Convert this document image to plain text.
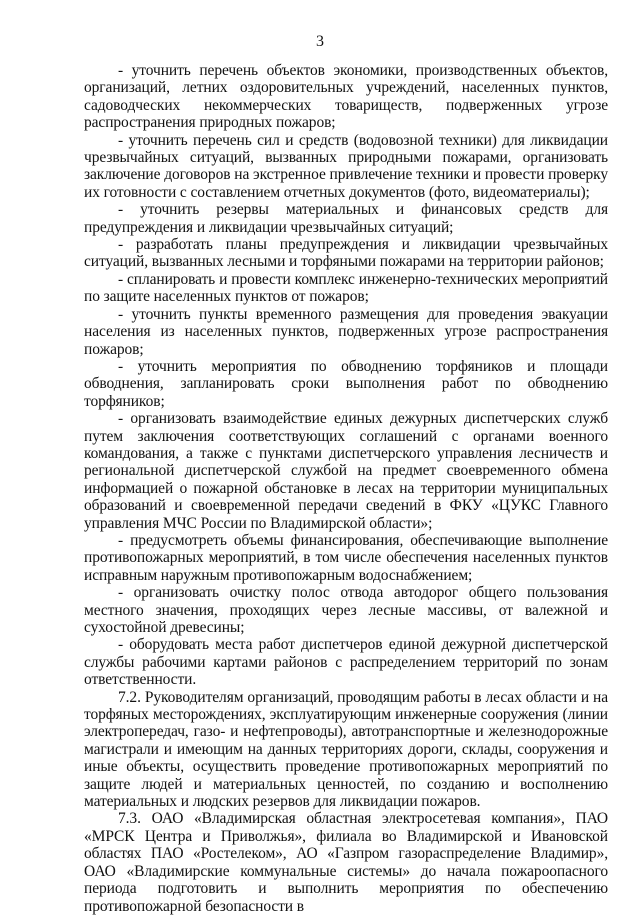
3

- уточнить перечень объектов экономики, производственных объектов, организаций, летних оздоровительных учреждений, населенных пунктов, садоводческих некоммерческих товариществ, подверженных угрозе распространения природных пожаров;

- уточнить перечень сил и средств (водовозной техники) для ликвидации чрезвычайных ситуаций, вызванных природными пожарами, организовать заключение договоров на экстренное привлечение техники и провести проверку их готовности с составлением отчетных документов (фото, видеоматериалы);

- уточнить резервы материальных и финансовых средств для предупреждения и ликвидации чрезвычайных ситуаций;

- разработать планы предупреждения и ликвидации чрезвычайных ситуаций, вызванных лесными и торфяными пожарами на территории районов;

- спланировать и провести комплекс инженерно-технических мероприятий по защите населенных пунктов от пожаров;

- уточнить пункты временного размещения для проведения эвакуации населения из населенных пунктов, подверженных угрозе распространения пожаров;

- уточнить мероприятия по обводнению торфяников и площади обводнения, запланировать сроки выполнения работ по обводнению торфяников;

- организовать взаимодействие единых дежурных диспетчерских служб путем заключения соответствующих соглашений с органами военного командования, а также с пунктами диспетчерского управления лесничеств и региональной диспетчерской службой на предмет своевременного обмена информацией о пожарной обстановке в лесах на территории муниципальных образований и своевременной передачи сведений в ФКУ «ЦУКС Главного управления МЧС России по Владимирской области»;

- предусмотреть объемы финансирования, обеспечивающие выполнение противопожарных мероприятий, в том числе обеспечения населенных пунктов исправным наружным противопожарным водоснабжением;

- организовать очистку полос отвода автодорог общего пользования местного значения, проходящих через лесные массивы, от валежной и сухостойной древесины;

- оборудовать места работ диспетчеров единой дежурной диспетчерской службы рабочими картами районов с распределением территорий по зонам ответственности.

7.2. Руководителям организаций, проводящим работы в лесах области и на торфяных месторождениях, эксплуатирующим инженерные сооружения (линии электропередач, газо- и нефтепроводы), автотранспортные и железнодорожные магистрали и имеющим на данных территориях дороги, склады, сооружения и иные объекты, осуществить проведение противопожарных мероприятий по защите людей и материальных ценностей, по созданию и восполнению материальных и людских резервов для ликвидации пожаров.

7.3. ОАО «Владимирская областная электросетевая компания», ПАО «МРСК Центра и Приволжья», филиала во Владимирской и Ивановской областях ПАО «Ростелеком», АО «Газпром газораспределение Владимир», ОАО «Владимирские коммунальные системы» до начала пожароопасного периода подготовить и выполнить мероприятия по обеспечению противопожарной безопасности в
